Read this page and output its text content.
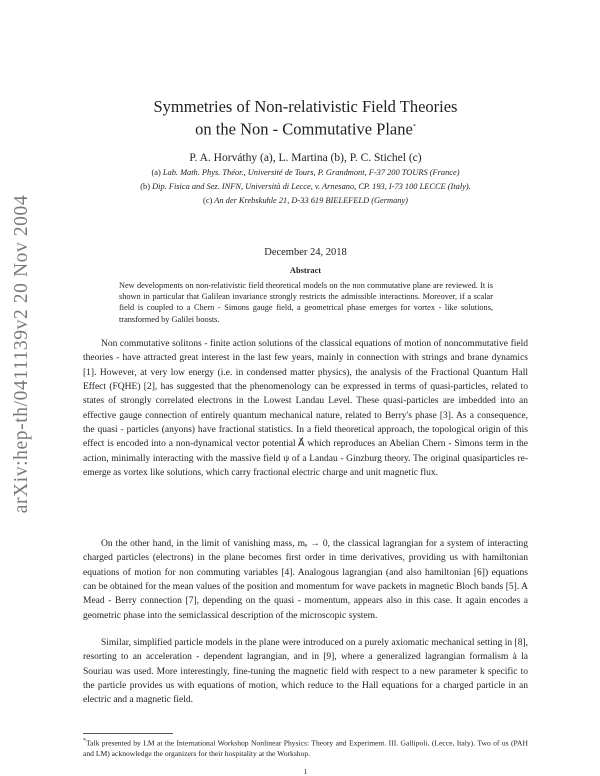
arXiv:hep-th/0411139v2 20 Nov 2004
Symmetries of Non-relativistic Field Theories
on the Non - Commutative Plane*
P. A. Horváthy (a), L. Martina (b), P. C. Stichel (c)
(a) Lab. Math. Phys. Théor., Université de Tours, P. Grandmont, F-37 200 TOURS (France)
(b) Dip. Fisica and Sez. INFN, Università di Lecce, v. Arnesano, CP. 193, I-73 100 LECCE (Italy).
(c) An der Krebskuhle 21, D-33 619 BIELEFELD (Germany)
December 24, 2018
Abstract
New developments on non-relativistic field theoretical models on the non commutative plane are reviewed. It is shown in particular that Galilean invariance strongly restricts the admissible interactions. Moreover, if a scalar field is coupled to a Chern - Simons gauge field, a geometrical phase emerges for vortex - like solutions, transformed by Galilei boosts.

Non commutative solitons - finite action solutions of the classical equations of motion of noncommutative field theories - have attracted great interest in the last few years, mainly in connection with strings and brane dynamics [1]. However, at very low energy (i.e. in condensed matter physics), the analysis of the Fractional Quantum Hall Effect (FQHE) [2], has suggested that the phenomenology can be expressed in terms of quasi-particles, related to states of strongly correlated electrons in the Lowest Landau Level. These quasi-particles are imbedded into an effective gauge connection of entirely quantum mechanical nature, related to Berry's phase [3]. As a consequence, the quasi - particles (anyons) have fractional statistics. In a field theoretical approach, the topological origin of this effect is encoded into a non-dynamical vector potential A⃗ which reproduces an Abelian Chern - Simons term in the action, minimally interacting with the massive field ψ of a Landau - Ginzburg theory. The original quasiparticles re-emerge as vortex like solutions, which carry fractional electric charge and unit magnetic flux.

On the other hand, in the limit of vanishing mass, mₑ → 0, the classical lagrangian for a system of interacting charged particles (electrons) in the plane becomes first order in time derivatives, providing us with hamiltonian equations of motion for non commuting variables [4]. Analogous lagrangian (and also hamiltonian [6]) equations can be obtained for the mean values of the position and momentum for wave packets in magnetic Bloch bands [5]. A Mead - Berry connection [7], depending on the quasi - momentum, appears also in this case. It again encodes a geometric phase into the semiclassical description of the microscopic system.

Similar, simplified particle models in the plane were introduced on a purely axiomatic mechanical setting in [8], resorting to an acceleration - dependent lagrangian, and in [9], where a generalized lagrangian formalism à la Souriau was used. More interestingly, fine-tuning the magnetic field with respect to a new parameter k specific to the particle provides us with equations of motion, which reduce to the Hall equations for a charged particle in an electric and a magnetic field.

*Talk presented by LM at the International Workshop Nonlinear Physics: Theory and Experiment. III. Gallipoli, (Lecce, Italy). Two of us (PAH and LM) acknowledge the organizers for their hospitality at the Workshop.
1
